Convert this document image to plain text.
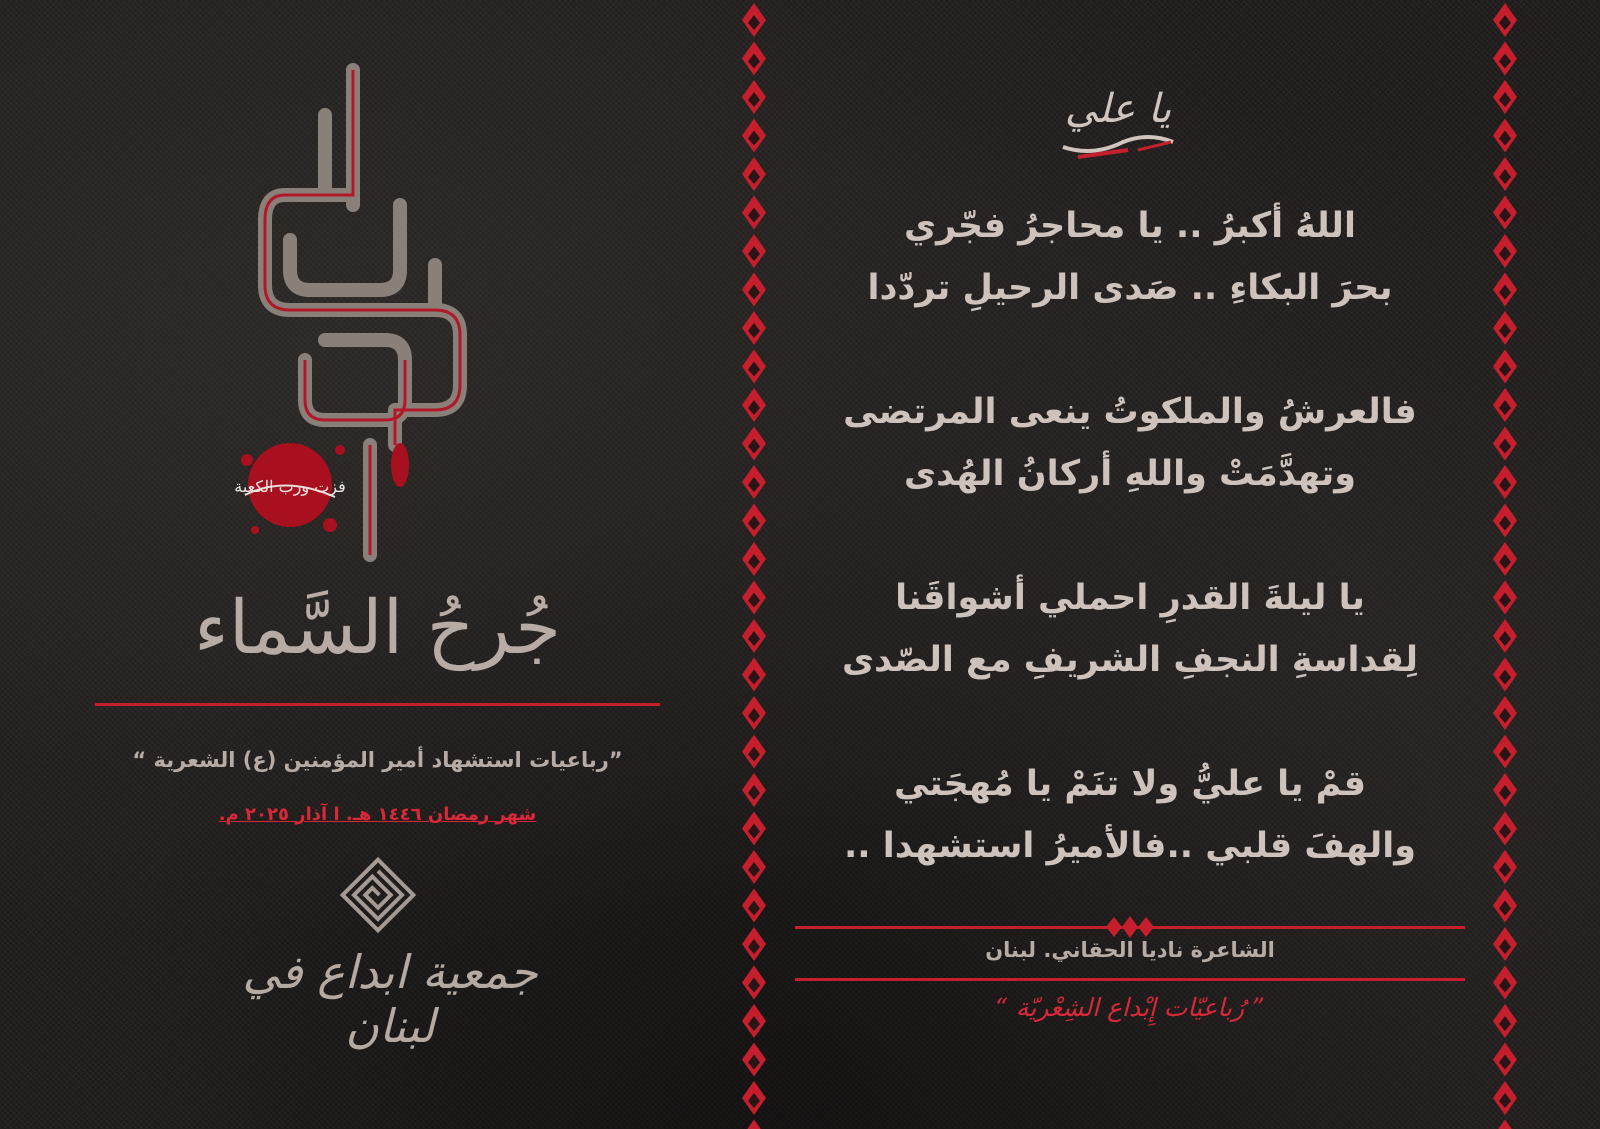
فزت ورب الكعبة
جُرحُ السَّماء
”رباعيات استشهاد أمير المؤمنين (ع) الشعرية “
شهر رمضان ١٤٤٦ هـ. ا آذار ٢٠٢٥ م.
جمعية ابداع في لبنان
يا علي
اللهُ أكبرُ .. يا محاجرُ فجّري
بحرَ البكاءِ .. صَدى الرحيلِ تردّدا
فالعرشُ والملكوتُ ينعى المرتضى
وتهدَّمَتْ واللهِ أركانُ الهُدى
يا ليلةَ القدرِ احملي أشواقَنا
لِقداسةِ النجفِ الشريفِ مع الصّدى
قمْ يا عليُّ ولا تنَمْ يا مُهجَتي
والهفَ قلبي ..فالأميرُ استشهدا ..
الشاعرة ناديا الحقاني. لبنان
” رُباعيّات إِبْداع الشِعْريّة “
